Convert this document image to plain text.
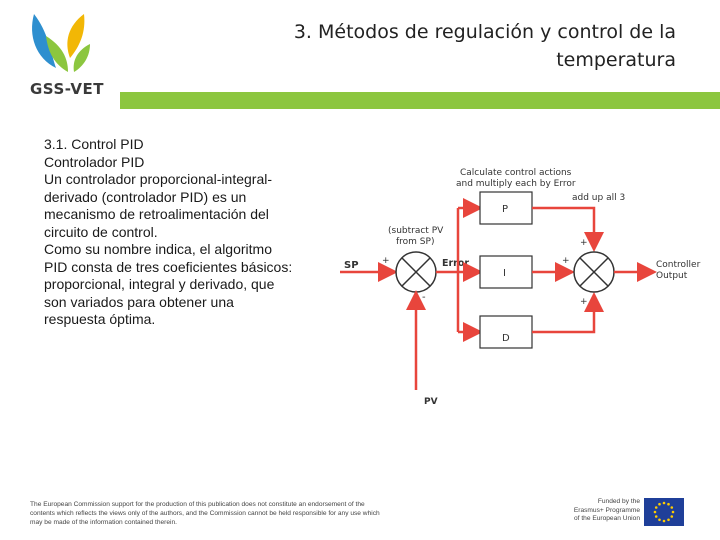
GSS-VET
3. Métodos de regulación y control de la
temperatura
3.1. Control PID
Controlador PID
Un controlador proporcional-integral-
derivado (controlador PID) es un
mecanismo de retroalimentación del
circuito de control.
Como su nombre indica, el algoritmo
PID consta de tres coeficientes básicos:
proporcional, integral y derivado, que
son variados para obtener una
respuesta óptima.
Calculate control actions
and multiply each by Error
add up all 3
(subtract PV
from SP)
SP	Error
PV
Controller
Output
+
-
P
I
D
+
+
+
The European Commission support for the production of this publication does not constitute an endorsement of the
contents which reflects the views only of the authors, and the Commission cannot be held responsible for any use which
may be made of the information contained therein.
Funded by the
Erasmus+ Programme
of the European Union
